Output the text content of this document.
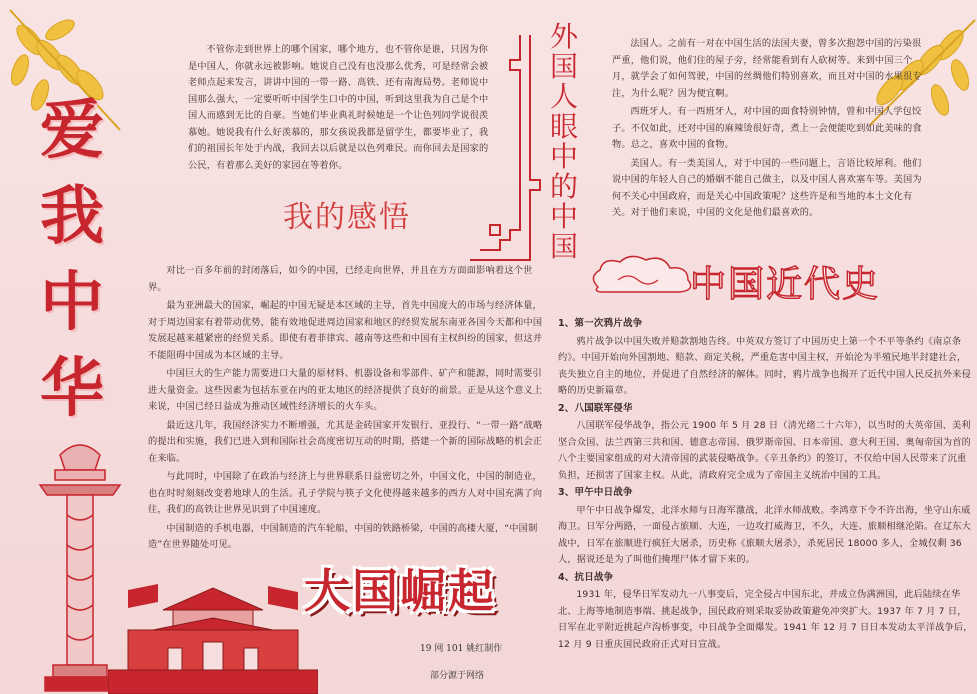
爱
我
中
华

不管你走到世界上的哪个国家，哪个地方，也不管你是谁，只因为你是中国人，你就永远被影响。她说自己没有也没那么优秀，可是经常会被老师点起来发言，讲讲中国的一带一路、高铁、还有南海局势。老师说中国那么强大，一定要听听中国学生口中的中国，听到这里我为自己是个中国人而感到无比的自豪。当她们毕业典礼时候她是一个让色列同学说很羡慕她。她说我有什么好羡慕的，那女孩说我都是留学生，都要毕业了，我们的祖国长年处于内战，我回去以后就是以色列难民。而你回去是国家的公民，有着那么美好的家园在等着你。

我的感悟
外
国
人
眼
中
的
中
国

法国人。之前有一对在中国生活的法国夫妻，曾多次抱怨中国的污染很严重，他们说，他们住的屋子旁，经常能看到有人砍树等。来到中国三个月，就学会了如何驾驶，中国的丝绸他们特别喜欢，而且对中国的水果很专注，为什么呢？因为便宜啊。

西班牙人。有一西班牙人，对中国的面食特别钟情，曾和中国人学包饺子。不仅如此，还对中国的麻辣烫很好奇，煮上一会便能吃到如此美味的食物。总之，喜欢中国的食物。

美国人。有一类美国人，对于中国的一些问题上，言语比较犀利。他们说中国的年轻人自己的婚姻不能自己做主，以及中国人喜欢塞车等。美国为何不关心中国政府，而是关心中国政策呢？这些许是和当地的本土文化有关。对于他们来说，中国的文化是他们最喜欢的。

中国近代史

对比一百多年前的封闭落后，如今的中国，已经走向世界，并且在方方面面影响着这个世界。

最为亚洲最大的国家，崛起的中国无疑是本区域的主导，首先中国庞大的市场与经济体量，对于周边国家有着带动优势，能有效地促进周边国家和地区的经贸发展东南亚各国今天都和中国发展起越来越紧密的经贸关系。即使有着菲律宾、越南等这些和中国有主权纠纷的国家，但这并不能阻碍中国成为本区域的主导。

中国巨大的生产能力需要进口大量的原材料、机器设备和零部件、矿产和能源，同时需要引进大量资金。这些因素为包括东亚在内的亚太地区的经济提供了良好的前景。正是从这个意义上来说，中国已经日益成为推动区域性经济增长的火车头。

最近这几年，我国经济实力不断增强，尤其是金砖国家开发银行、亚投行、“一带一路”战略的提出和实施，我们已进入到和国际社会高度密切互动的时期，搭建一个新的国际战略的机会正在来临。

与此同时，中国除了在政治与经济上与世界联系日益密切之外，中国文化，中国的制造业，也在时时刻刻改变着地球人的生活。孔子学院与筷子文化使得越来越多的西方人对中国充满了向往，我们的高铁让世界见识到了中国速度。

中国制造的手机电器，中国制造的汽车轮船，中国的铁路桥梁，中国的高楼大厦，“中国制造”在世界随处可见。

大国崛起
1、第一次鸦片战争

鸦片战争以中国失败并赔款割地告终。中英双方签订了中国历史上第一个不平等条约《南京条约》。中国开始向外国割地、赔款、商定关税，严重危害中国主权，开始沦为半殖民地半封建社会，丧失独立自主的地位，并促进了自然经济的解体。同时，鸦片战争也揭开了近代中国人民反抗外来侵略的历史新篇章。

2、八国联军侵华

八国联军侵华战争，指公元 1900 年 5 月 28 日（清光绪二十六年），以当时的大英帝国、美利坚合众国、法兰西第三共和国、德意志帝国、俄罗斯帝国、日本帝国、意大利王国、奥匈帝国为首的八个主要国家组成的对大清帝国的武装侵略战争。《辛丑条约》的签订，不仅给中国人民带来了沉重负担，还损害了国家主权。从此，清政府完全成为了帝国主义统治中国的工具。

3、甲午中日战争

甲午中日战争爆发，北洋水师与日海军激战，北洋水师战败。李鸿章下令不许出海，坐守山东威海卫。日军分两路，一面侵占旅顺、大连，一边攻打威海卫，不久，大连、旅顺相继沦陷。在辽东大战中，日军在旅顺进行疯狂大屠杀，历史称《旅顺大屠杀》，杀死居民 18000 多人，全城仅剩 36 人，据说还是为了叫他们掩埋尸体才留下来的。

4、抗日战争

1931 年，侵华日军发动九一八事变后，完全侵占中国东北，并成立伪满洲国，此后陆续在华北、上海等地制造事端、挑起战争，国民政府则采取妥协政策避免冲突扩大。1937 年 7 月 7 日，日军在北平附近挑起卢沟桥事变，中日战争全面爆发。1941 年 12 月 7 日日本发动太平洋战争后，12 月 9 日重庆国民政府正式对日宣战。

19 网 101 姚红制作
部分源于网络
